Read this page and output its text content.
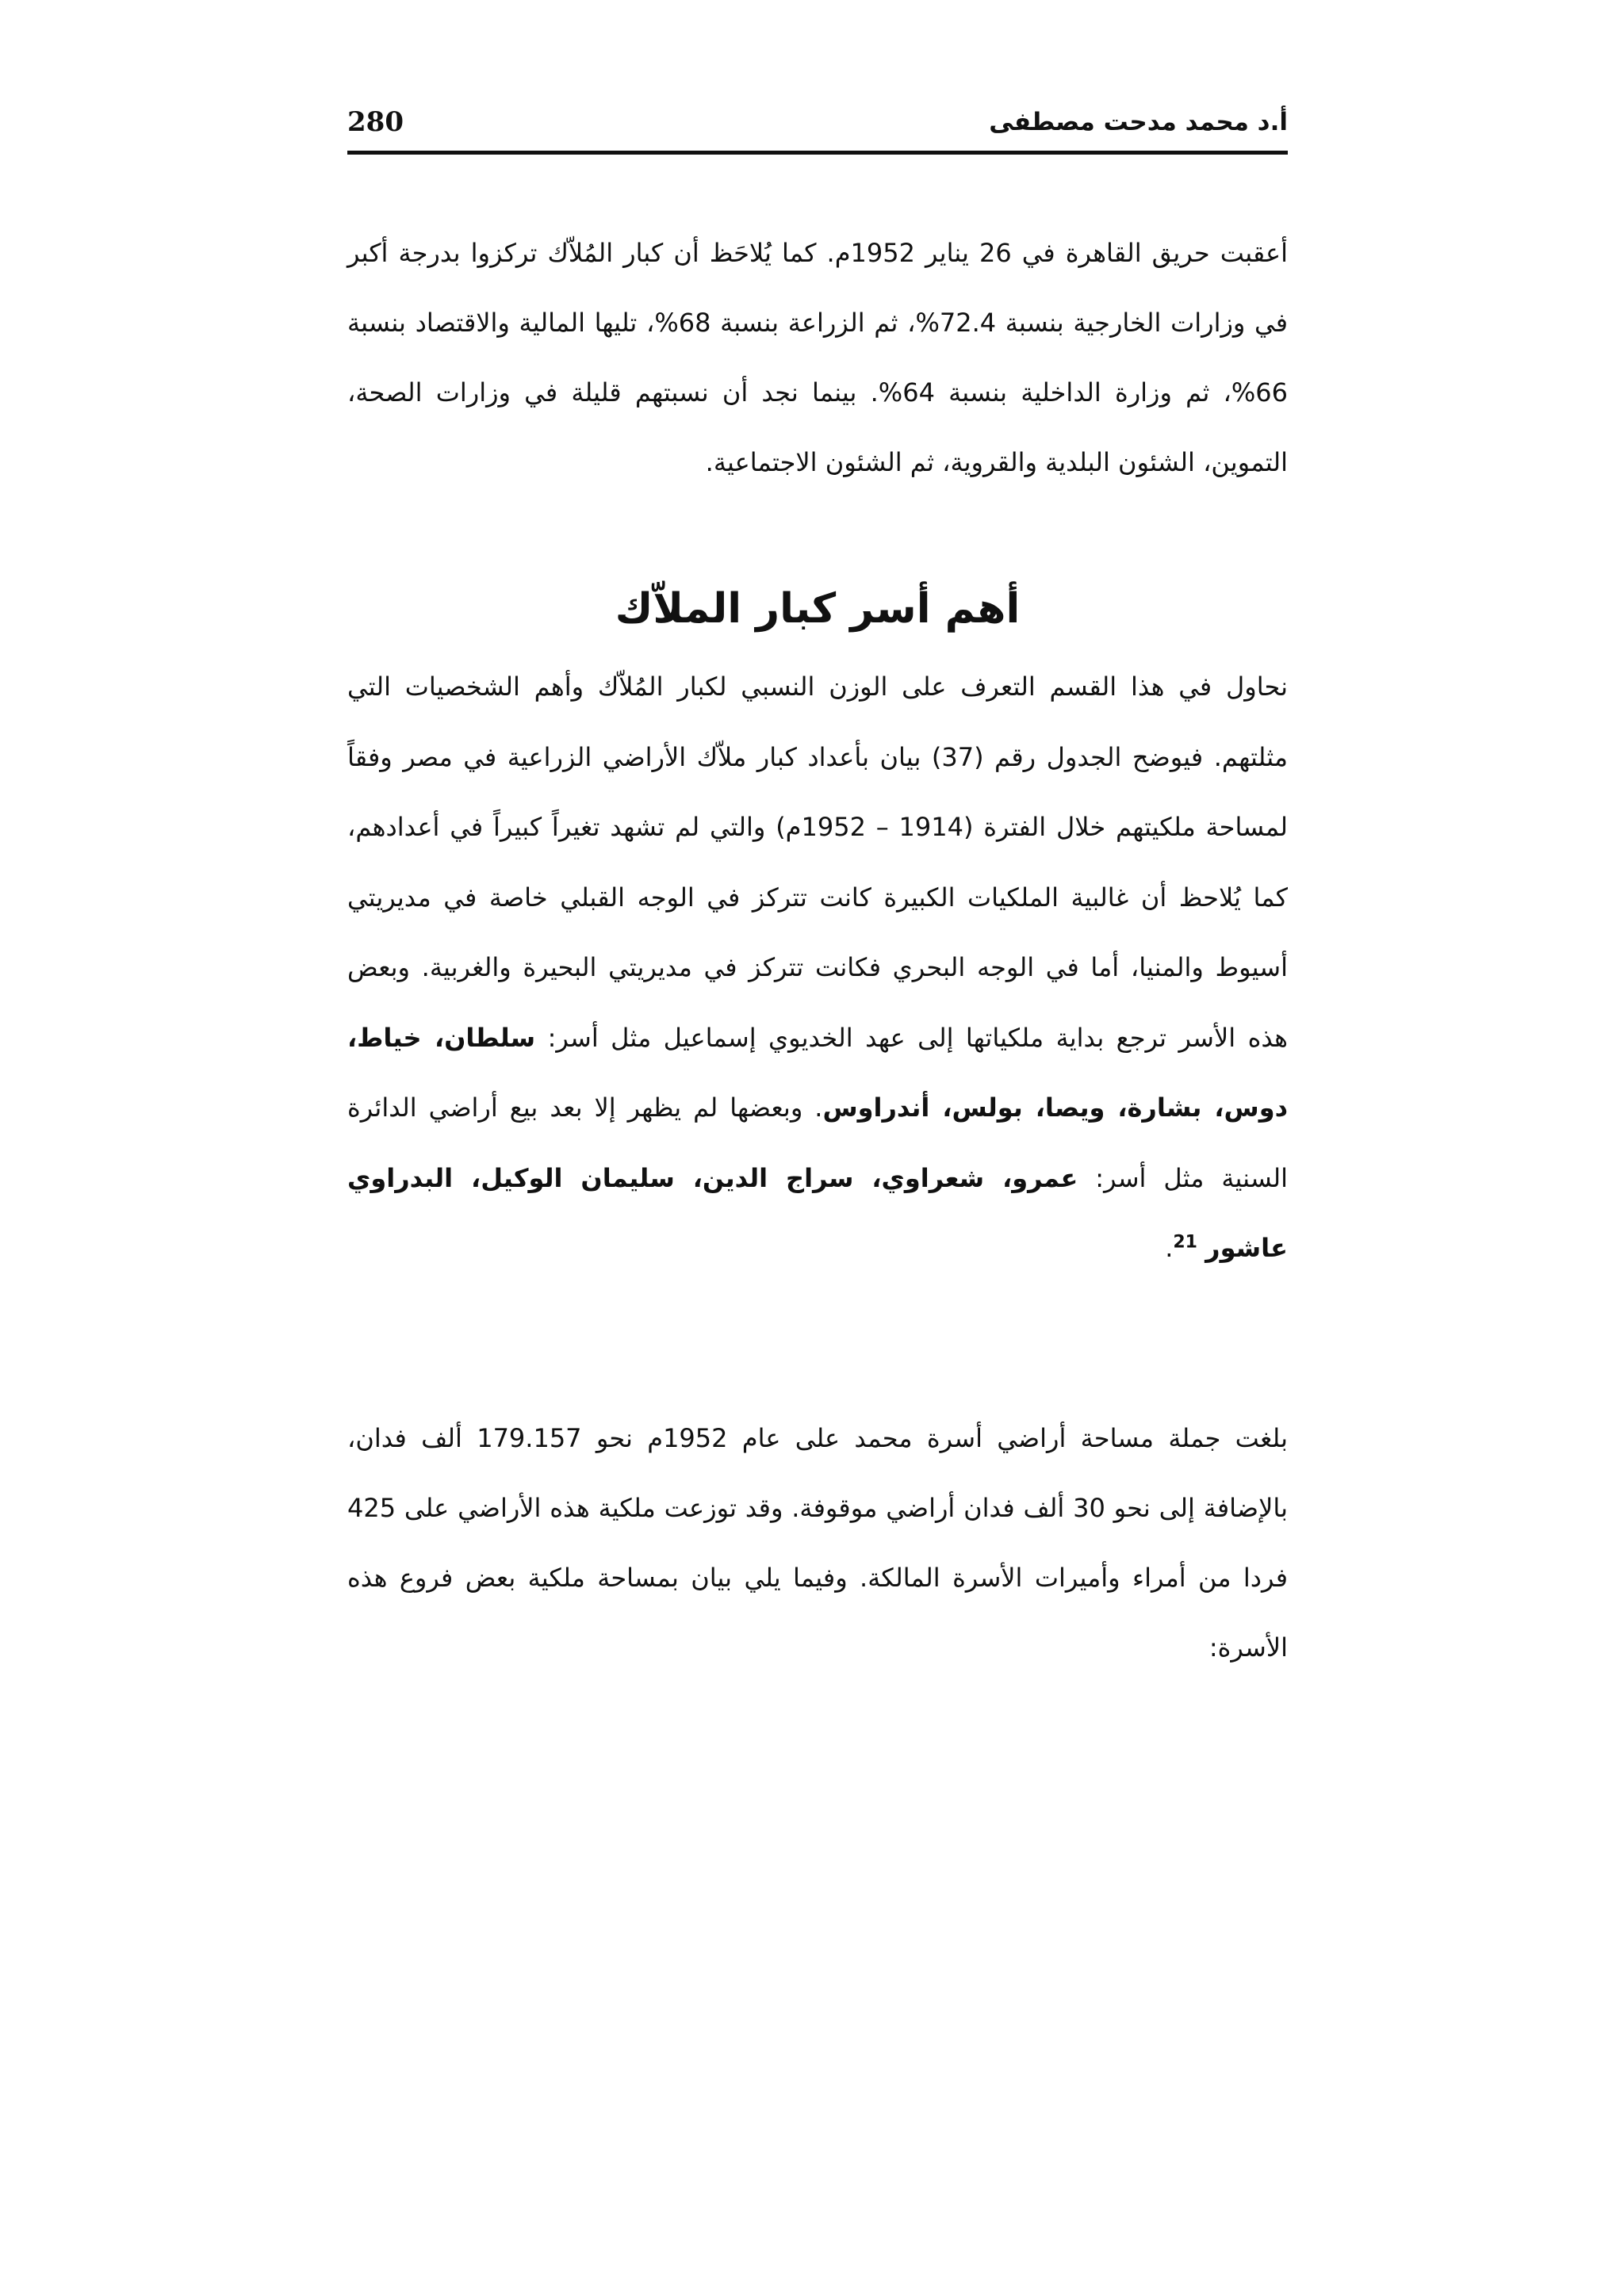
أ.د محمد مدحت مصطفى
280

أعقبت حريق القاهرة في 26 يناير 1952م. كما يُلاحَظ أن كبار المُلاّك تركزوا بدرجة أكبر في وزارات الخارجية بنسبة 72.4%، ثم الزراعة بنسبة 68%، تليها المالية والاقتصاد بنسبة 66%، ثم وزارة الداخلية بنسبة 64%. بينما نجد أن نسبتهم قليلة في وزارات الصحة، التموين، الشئون البلدية والقروية، ثم الشئون الاجتماعية.

أهم أسر كبار الملاّك

نحاول في هذا القسم التعرف على الوزن النسبي لكبار المُلاّك وأهم الشخصيات التي مثلتهم. فيوضح الجدول رقم (37) بيان بأعداد كبار ملاّك الأراضي الزراعية في مصر وفقاً لمساحة ملكيتهم خلال الفترة (1914 – 1952م) والتي لم تشهد تغيراً كبيراً في أعدادهم، كما يُلاحظ أن غالبية الملكيات الكبيرة كانت تتركز في الوجه القبلي خاصة في مديريتي أسيوط والمنيا، أما في الوجه البحري فكانت تتركز في مديريتي البحيرة والغربية. وبعض هذه الأسر ترجع بداية ملكياتها إلى عهد الخديوي إسماعيل مثل أسر: سلطان، خياط، دوس، بشارة، ويصا، بولس، أندراوس. وبعضها لم يظهر إلا بعد بيع أراضي الدائرة السنية مثل أسر: عمرو، شعراوي، سراج الدين، سليمان الوكيل، البدراوي عاشور $^{21}$.

بلغت جملة مساحة أراضي أسرة محمد على عام 1952م نحو 179.157 ألف فدان، بالإضافة إلى نحو 30 ألف فدان أراضي موقوفة. وقد توزعت ملكية هذه الأراضي على 425 فردا من أمراء وأميرات الأسرة المالكة. وفيما يلي بيان بمساحة ملكية بعض فروع هذه الأسرة:
